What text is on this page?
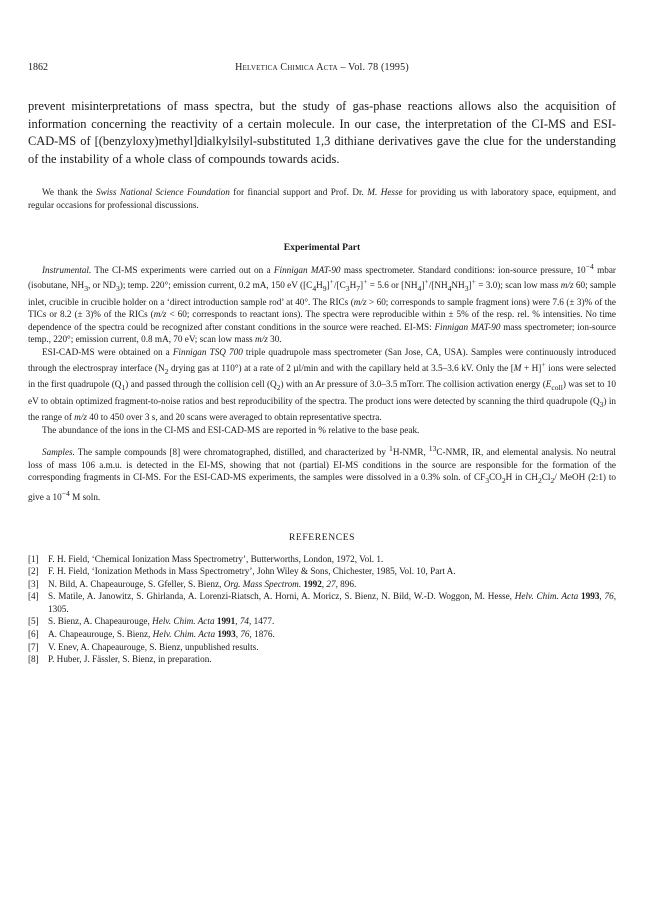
1862	Helvetica Chimica Acta – Vol. 78 (1995)
prevent misinterpretations of mass spectra, but the study of gas-phase reactions allows also the acquisition of information concerning the reactivity of a certain molecule. In our case, the interpretation of the CI-MS and ESI-CAD-MS of [(benzyloxy)methyl]dialkylsilyl-substituted 1,3 dithiane derivatives gave the clue for the understanding of the instability of a whole class of compounds towards acids.
We thank the Swiss National Science Foundation for financial support and Prof. Dr. M. Hesse for providing us with laboratory space, equipment, and regular occasions for professional discussions.
Experimental Part

Instrumental. The CI-MS experiments were carried out on a Finnigan MAT-90 mass spectrometer. Standard conditions: ion-source pressure, $10^{-4}$ mbar (isobutane, $NH_3$, or $ND_3$); temp. 220°; emission current, 0.2 mA, 150 eV ($[C_4H_9]^+/[C_3H_7]^+ = 5.6$ or $[NH_4]^+/[NH_4NH_3]^+ = 3.0$); scan low mass m/z 60; sample inlet, crucible in crucible holder on a ‘direct introduction sample rod’ at 40°. The RICs (m/z > 60; corresponds to sample fragment ions) were 7.6 (± 3)% of the TICs or 8.2 (± 3)% of the RICs (m/z < 60; corresponds to reactant ions). The spectra were reproducible within ± 5% of the resp. rel. % intensities. No time dependence of the spectra could be recognized after constant conditions in the source were reached. EI-MS: Finnigan MAT-90 mass spectrometer; ion-source temp., 220°; emission current, 0.8 mA, 70 eV; scan low mass m/z 30.

ESI-CAD-MS were obtained on a Finnigan TSQ 700 triple quadrupole mass spectrometer (San Jose, CA, USA). Samples were continuously introduced through the electrospray interface ($N_2$ drying gas at 110°) at a rate of 2 µl/min and with the capillary held at 3.5–3.6 kV. Only the [M + H]+ ions were selected in the first quadrupole $(Q_1)$ and passed through the collision cell $(Q_2)$ with an Ar pressure of 3.0–3.5 mTorr. The collision activation energy $(E_{coll})$ was set to 10 eV to obtain optimized fragment-to-noise ratios and best reproducibility of the spectra. The product ions were detected by scanning the third quadrupole $(Q_3)$ in the range of m/z 40 to 450 over 3 s, and 20 scans were averaged to obtain representative spectra.

The abundance of the ions in the CI-MS and ESI-CAD-MS are reported in % relative to the base peak.

Samples. The sample compounds [8] were chromatographed, distilled, and characterized by $^1$H-NMR, $^{13}$C-NMR, IR, and elemental analysis. No neutral loss of mass 106 a.m.u. is detected in the EI-MS, showing that not (partial) EI-MS conditions in the source are responsible for the formation of the corresponding fragments in CI-MS. For the ESI-CAD-MS experiments, the samples were dissolved in a 0.3% soln. of $CF_3CO_2H$ in $CH_2Cl_2/$ MeOH (2:1) to give a $10^{-4}$ M soln.

REFERENCES
[1] F. H. Field, ‘Chemical Ionization Mass Spectrometry’, Butterworths, London, 1972, Vol. 1.
[2] F. H. Field, ‘Ionization Methods in Mass Spectrometry’, John Wiley & Sons, Chichester, 1985, Vol. 10, Part A.
[3] N. Bild, A. Chapeaurouge, S. Gfeller, S. Bienz, Org. Mass Spectrom. 1992, 27, 896.
[4] S. Matile, A. Janowitz, S. Ghirlanda, A. Lorenzi-Riatsch, A. Horni, A. Moricz, S. Bienz, N. Bild, W.-D. Woggon, M. Hesse, Helv. Chim. Acta 1993, 76, 1305.
[5] S. Bienz, A. Chapeaurouge, Helv. Chim. Acta 1991, 74, 1477.
[6] A. Chapeaurouge, S. Bienz, Helv. Chim. Acta 1993, 76, 1876.
[7] V. Enev, A. Chapeaurouge, S. Bienz, unpublished results.
[8] P. Huber, J. Fässler, S. Bienz, in preparation.
